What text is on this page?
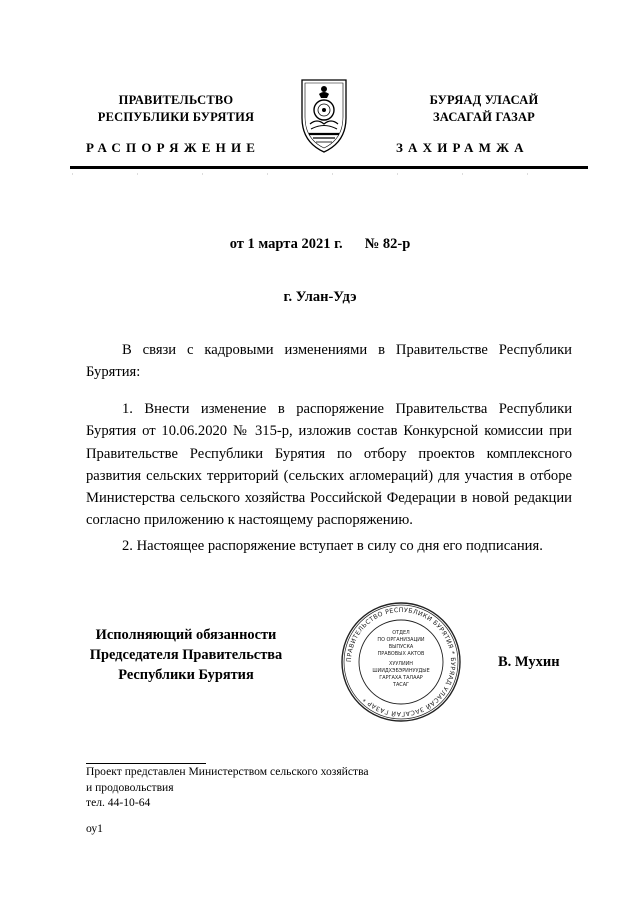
ПРАВИТЕЛЬСТВО
РЕСПУБЛИКИ БУРЯТИЯ
БУРЯАД УЛАСАЙ
ЗАСАГАЙ ГАЗАР
РАСПОРЯЖЕНИЕ	ЗАХИРАМЖА
от 1 марта 2021 г. № 82-р
г. Улан-Удэ

В связи с кадровыми изменениями в Правительстве Республики Бурятия:

1. Внести изменение в распоряжение Правительства Республики Бурятия от 10.06.2020 № 315-р, изложив состав Конкурсной комиссии при Правительстве Республики Бурятия по отбору проектов комплексного развития сельских территорий (сельских агломераций) для участия в отборе Министерства сельского хозяйства Российской Федерации в новой редакции согласно приложению к настоящему распоряжению.

2. Настоящее распоряжение вступает в силу со дня его подписания.

Исполняющий обязанности
Председателя Правительства
Республики Бурятия
ПРАВИТЕЛЬСТВО РЕСПУБЛИКИ БУРЯТИЯ * БУРЯАД УЛАСАЙ ЗАСАГАЙ ГАЗАР *
ОТДЕЛ
ПО ОРГАНИЗАЦИИ
ВЫПУСКА
ПРАВОВЫХ АКТОВ
ХУУЛИИН
ШИИДХЭБЭРИНУУДЫЕ
ГАРГАХА ТАЛААР
ТАСАГ
В. Мухин
Проект представлен Министерством сельского хозяйства
и продовольствия
тел. 44-10-64
оу1
